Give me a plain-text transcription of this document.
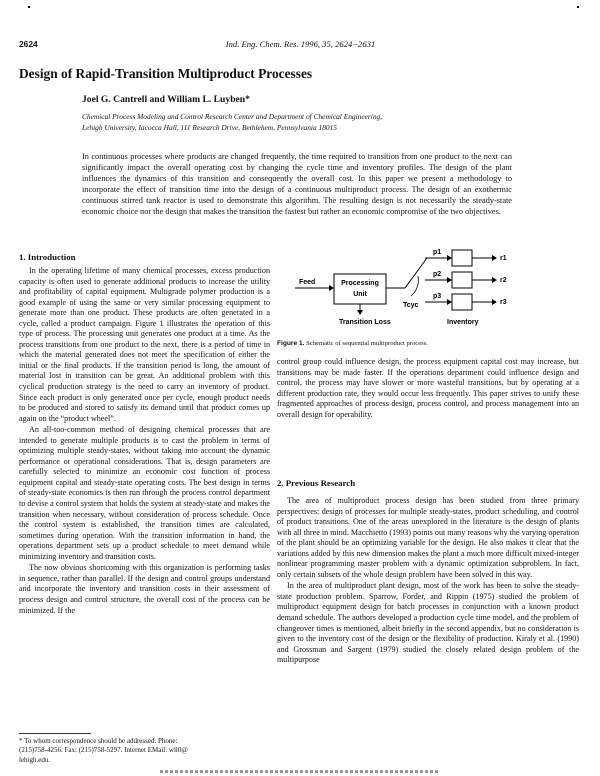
2624	Ind. Eng. Chem. Res. 1996, 35, 2624−2631
Design of Rapid-Transition Multiproduct Processes
Joel G. Cantrell and William L. Luyben*
Chemical Process Modeling and Control Research Center and Department of Chemical Engineering,
Lehigh University, Iacocca Hall, 111 Research Drive, Bethlehem, Pennsylvania 18015
In continuous processes where products are changed frequently, the time required to transition from one product to the next can significantly impact the overall operating cost by changing the cycle time and inventory profiles. The design of the plant influences the dynamics of this transition and consequently the overall cost. In this paper we present a methodology to incorporate the effect of transition time into the design of a continuous multiproduct process. The design of an exothermic continuous stirred tank reactor is used to demonstrate this algorithm. The resulting design is not necessarily the steady-state economic choice nor the design that makes the transition the fastest but rather an economic compromise of the two objectives.
1. Introduction

In the operating lifetime of many chemical processes, excess production capacity is often used to generate additional products to increase the utility and profitability of capital equipment. Multigrade polymer production is a good example of using the same or very similar processing equipment to generate more than one product. These products are often generated in a cycle, called a product campaign. Figure 1 illustrates the operation of this type of process. The processing unit generates one product at a time. As the process transitions from one product to the next, there is a period of time in which the material generated does not meet the specification of either the initial or the final products. If the transition period is long, the amount of material lost in transition can be great. An additional problem with this cyclical production strategy is the need to carry an inventory of product. Since each product is only generated once per cycle, enough product needs to be produced and stored to satisfy its demand until that product comes up again on the “product wheel”.

An all-too-common method of designing chemical processes that are intended to generate multiple products is to cast the problem in terms of optimizing multiple steady-states, without taking into account the dynamic performance or operational considerations. That is, design parameters are carefully selected to minimize an economic cost function of process equipment capital and steady-state operating costs. The best design in terms of steady-state economics is then run through the process control department to devise a control system that holds the system at steady-state and makes the transition when necessary, without consideration of process schedule. Once the control system is established, the transition times are calculated, sometimes during operation. With the transition information in hand, the operations department sets up a product schedule to meet demand while minimizing inventory and transition costs.

The now obvious shortcoming with this organization is performing tasks in sequence, rather than parallel. If the design and control groups understand and incorporate the inventory and transition costs in their assessment of process design and control structure, the overall cost of the process can be minimized. If the

* To whom correspondence should be addressed. Phone:
(215)758-4256. Fax: (215)758-5297. Internet EMail: wll0@
lehigh.edu.
Feed	Processing
Unit
Transition Loss
Tcyc
p1
p2
p3
r1
r2
r3
Inventory
Figure 1. Schematic of sequential multiproduct process.
control group could influence design, the process equipment capital cost may increase, but transitions may be made faster. If the operations department could influence design and control, the process may have slower or more wasteful transitions, but by operating at a different production rate, they would occur less frequently. This paper strives to unify these fragmented approaches of process design, process control, and process management into an overall design for operability.
2. Previous Research

The area of multiproduct process design has been studied from three primary perspectives: design of processes for multiple steady-states, product scheduling, and control of product transitions. One of the areas unexplored in the literature is the design of plants with all three in mind. Macchietto (1993) points out many reasons why the varying operation of the plant should be an optimizing variable for the design. He also makes it clear that the variations added by this new dimension makes the plant a much more difficult mixed-integer nonlinear programming master problem with a dynamic optimization subproblem. In fact, only certain subsets of the whole design problem have been solved in this way.

In the area of multiproduct plant design, most of the work has been to solve the steady-state production problem. Sparrow, Forder, and Rippin (1975) studied the problem of multiproduct equipment design for batch processes in conjunction with a known product demand schedule. The authors developed a production cycle time model, and the problem of changeover times is mentioned, albeit briefly in the second appendix, but no consideration is given to the inventory cost of the design or the flexibility of production. Kiraly et al. (1990) and Grossman and Sargent (1979) studied the closely related design problem of the multipurpose
